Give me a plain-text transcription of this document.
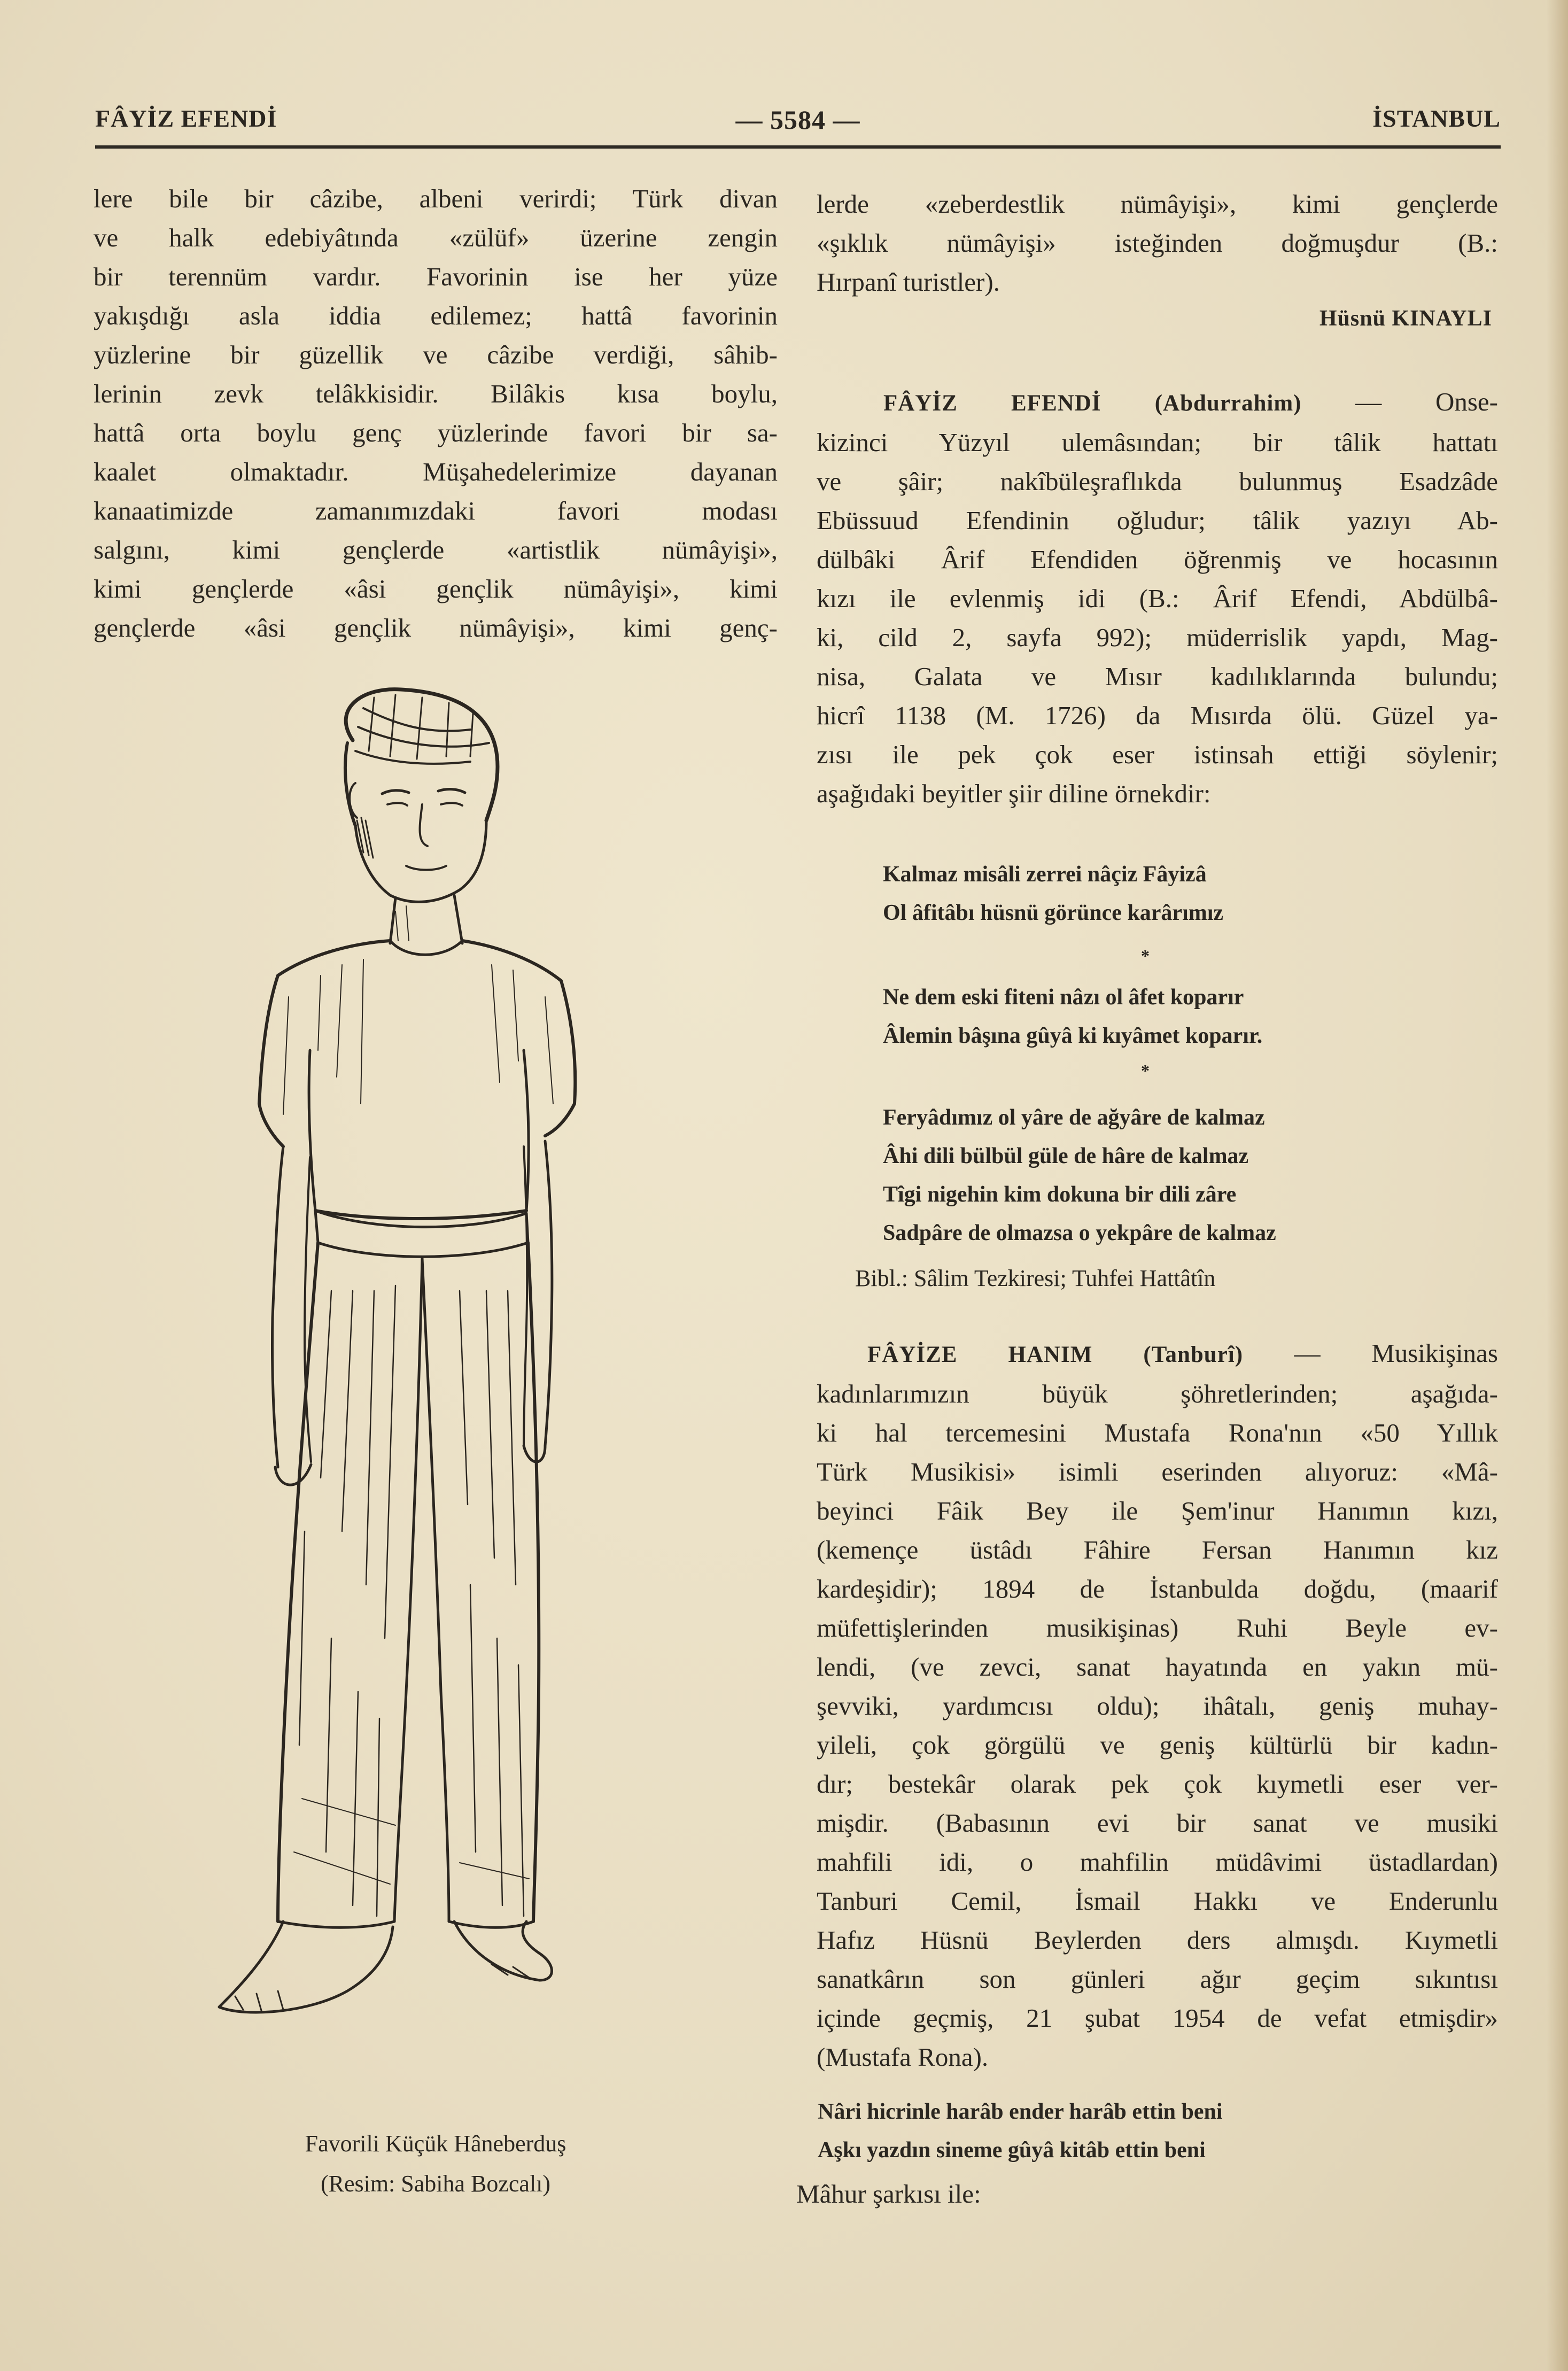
— 5584 —
FÂYİZ EFENDİ	İSTANBUL
lere bile bir câzibe, albeni verirdi; Türk divan
ve halk edebiyâtında «zülüf» üzerine zengin
bir terennüm vardır. Favorinin ise her yüze
yakışdığı asla iddia edilemez; hattâ favorinin
yüzlerine bir güzellik ve câzibe verdiği, sâhib-
lerinin zevk telâkkisidir. Bilâkis kısa boylu,
hattâ orta boylu genç yüzlerinde favori bir sa-
kaalet olmaktadır. Müşahedelerimize dayanan
kanaatimizde zamanımızdaki favori modası
salgını, kimi gençlerde «artistlik nümâyişi»,
kimi gençlerde «âsi gençlik nümâyişi», kimi
gençlerde «âsi gençlik nümâyişi», kimi genç-
Favorili Küçük Hâneberduş
(Resim: Sabiha Bozcalı)
lerde «zeberdestlik nümâyişi», kimi gençlerde
«şıklık nümâyişi» isteğinden doğmuşdur (B.:
Hırpanî turistler).
Hüsnü KINAYLI
FÂYİZ EFENDİ (Abdurrahim) — Onse-
kizinci Yüzyıl ulemâsından; bir tâlik hattatı
ve şâir; nakîbüleşraflıkda bulunmuş Esadzâde
Ebüssuud Efendinin oğludur; tâlik yazıyı Ab-
dülbâki Ârif Efendiden öğrenmiş ve hocasının
kızı ile evlenmiş idi (B.: Ârif Efendi, Abdülbâ-
ki, cild 2, sayfa 992); müderrislik yapdı, Mag-
nisa, Galata ve Mısır kadılıklarında bulundu;
hicrî 1138 (M. 1726) da Mısırda ölü. Güzel ya-
zısı ile pek çok eser istinsah ettiği söylenir;
aşağıdaki beyitler şiir diline örnekdir:
Kalmaz misâli zerrei nâçiz Fâyizâ
Ol âfitâbı hüsnü görünce karârımız
*
Ne dem eski fiteni nâzı ol âfet koparır
Âlemin bâşına gûyâ ki kıyâmet koparır.
*
Feryâdımız ol yâre de ağyâre de kalmaz
Âhi dili bülbül güle de hâre de kalmaz
Tîgi nigehin kim dokuna bir dili zâre
Sadpâre de olmazsa o yekpâre de kalmaz
Bibl.: Sâlim Tezkiresi; Tuhfei Hattâtîn
FÂYİZE HANIM (Tanburî) — Musikişinas
kadınlarımızın büyük şöhretlerinden; aşağıda-
ki hal tercemesini Mustafa Rona'nın «50 Yıllık
Türk Musikisi» isimli eserinden alıyoruz: «Mâ-
beyinci Fâik Bey ile Şem'inur Hanımın kızı,
(kemençe üstâdı Fâhire Fersan Hanımın kız
kardeşidir); 1894 de İstanbulda doğdu, (maarif
müfettişlerinden musikişinas) Ruhi Beyle ev-
lendi, (ve zevci, sanat hayatında en yakın mü-
şevviki, yardımcısı oldu); ihâtalı, geniş muhay-
yileli, çok görgülü ve geniş kültürlü bir kadın-
dır; bestekâr olarak pek çok kıymetli eser ver-
mişdir. (Babasının evi bir sanat ve musiki
mahfili idi, o mahfilin müdâvimi üstadlardan)
Tanburi Cemil, İsmail Hakkı ve Enderunlu
Hafız Hüsnü Beylerden ders almışdı. Kıymetli
sanatkârın son günleri ağır geçim sıkıntısı
içinde geçmiş, 21 şubat 1954 de vefat etmişdir»
(Mustafa Rona).
Nâri hicrinle harâb ender harâb ettin beni
Aşkı yazdın sineme gûyâ kitâb ettin beni
Mâhur şarkısı ile:
